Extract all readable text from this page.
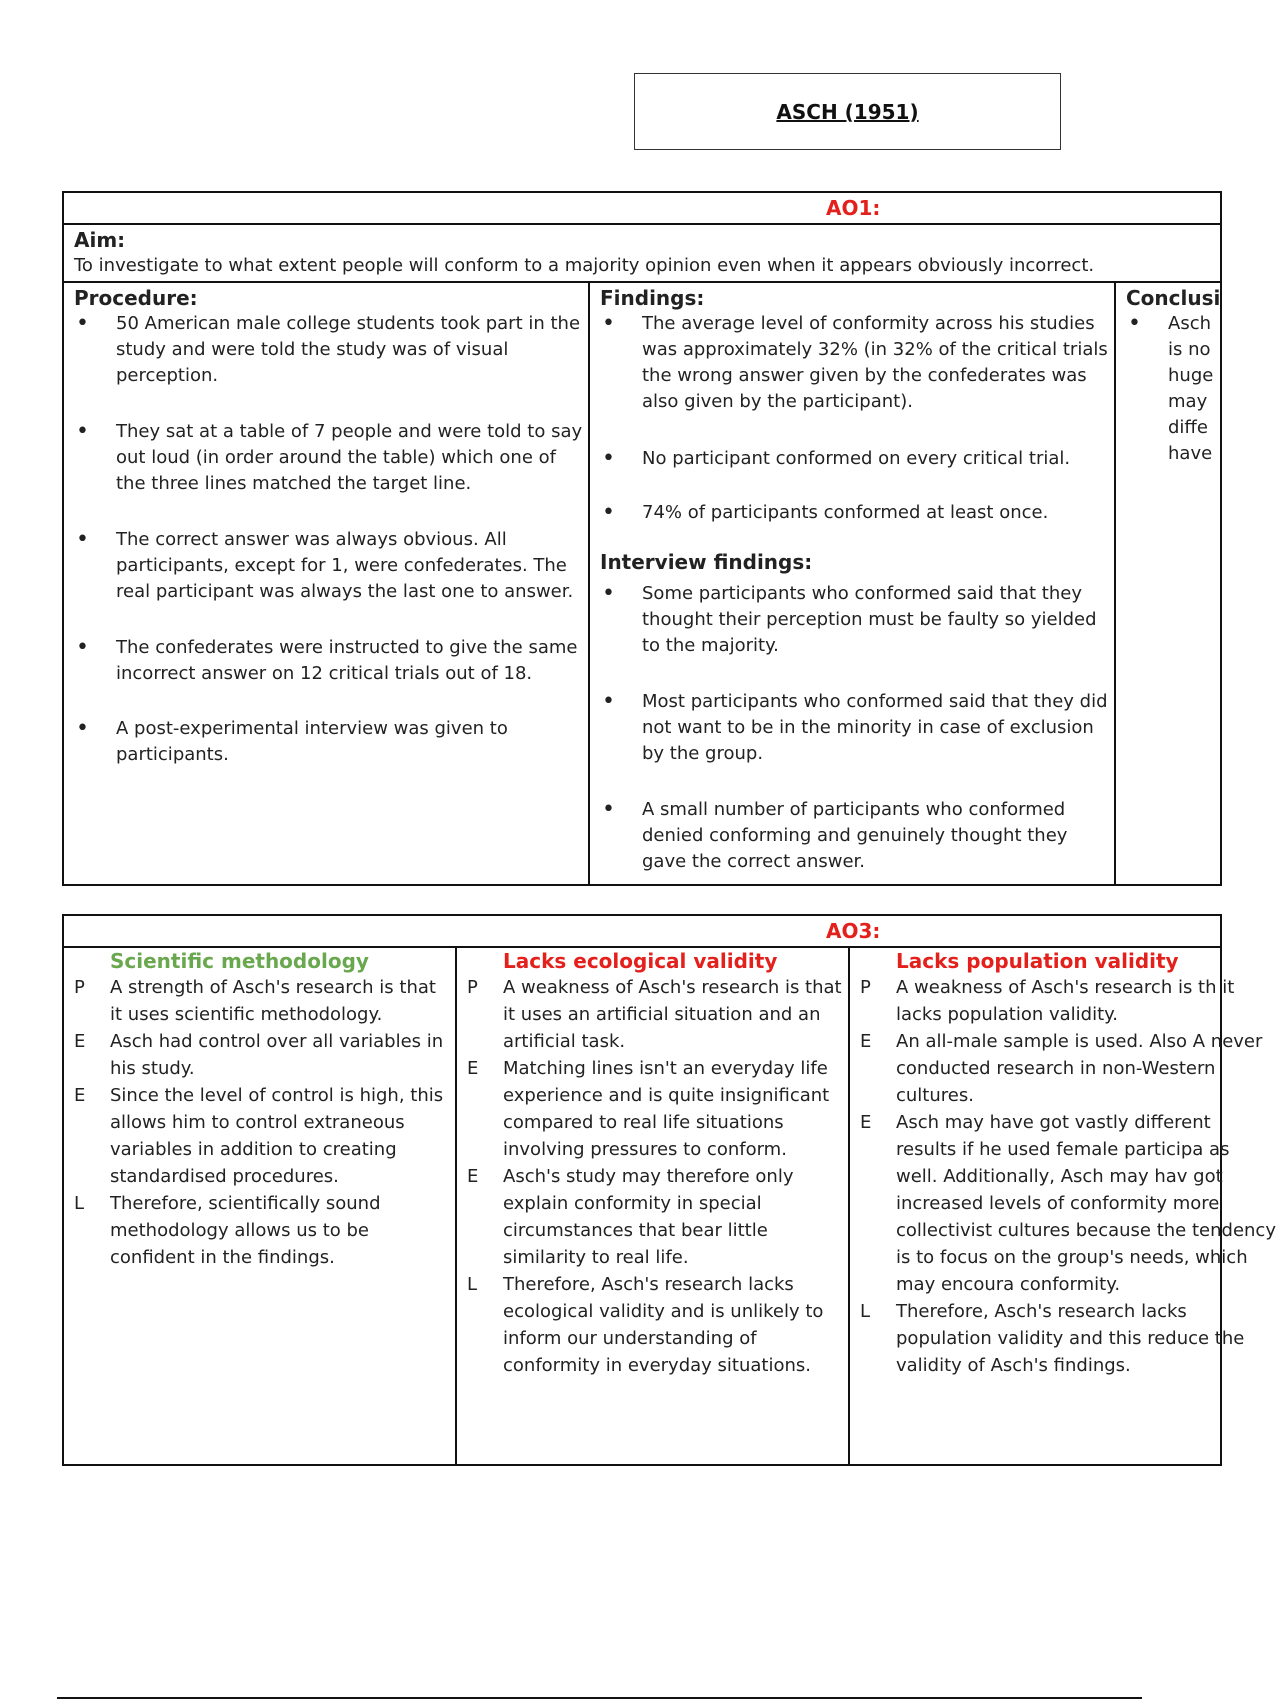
ASCH (1951)
AO1:
Aim:
To investigate to what extent people will conform to a majority opinion even when it appears obviously incorrect.
Procedure:
• 50 American male college students took part in the study and were told the study was of visual perception.
• They sat at a table of 7 people and were told to say out loud (in order around the table) which one of the three lines matched the target line.
• The correct answer was always obvious. All participants, except for 1, were confederates. The real participant was always the last one to answer.
• The confederates were instructed to give the same incorrect answer on 12 critical trials out of 18.
• A post-experimental interview was given to participants.
Findings:
• The average level of conformity across his studies was approximately 32% (in 32% of the critical trials the wrong answer given by the confederates was also given by the participant).
• No participant conformed on every critical trial.
• 74% of participants conformed at least once.
Interview findings:
• Some participants who conformed said that they thought their perception must be faulty so yielded to the majority.
• Most participants who conformed said that they did not want to be in the minority in case of exclusion by the group.
• A small number of participants who conformed denied conforming and genuinely thought they gave the correct answer.
Conclusi
• Asch
is no
huge
may
diffe
have
AO3:
Scientific methodology
P A strength of Asch's research is that it uses scientific methodology.
E Asch had control over all variables in his study.
E Since the level of control is high, this allows him to control extraneous variables in addition to creating standardised procedures.
L Therefore, scientifically sound methodology allows us to be confident in the findings.
Lacks ecological validity
P A weakness of Asch's research is that it uses an artificial situation and an artificial task.
E Matching lines isn't an everyday life experience and is quite insignificant compared to real life situations involving pressures to conform.
E Asch's study may therefore only explain conformity in special circumstances that bear little similarity to real life.
L Therefore, Asch's research lacks ecological validity and is unlikely to inform our understanding of conformity in everyday situations.
Lacks population validity
P A weakness of Asch's research is th it lacks population validity.
E An all-male sample is used. Also A never conducted research in non-Western cultures.
E Asch may have got vastly different results if he used female participa as well. Additionally, Asch may hav got increased levels of conformity more collectivist cultures because the tendency is to focus on the group's needs, which may encoura conformity.
L Therefore, Asch's research lacks population validity and this reduce the validity of Asch's findings.
